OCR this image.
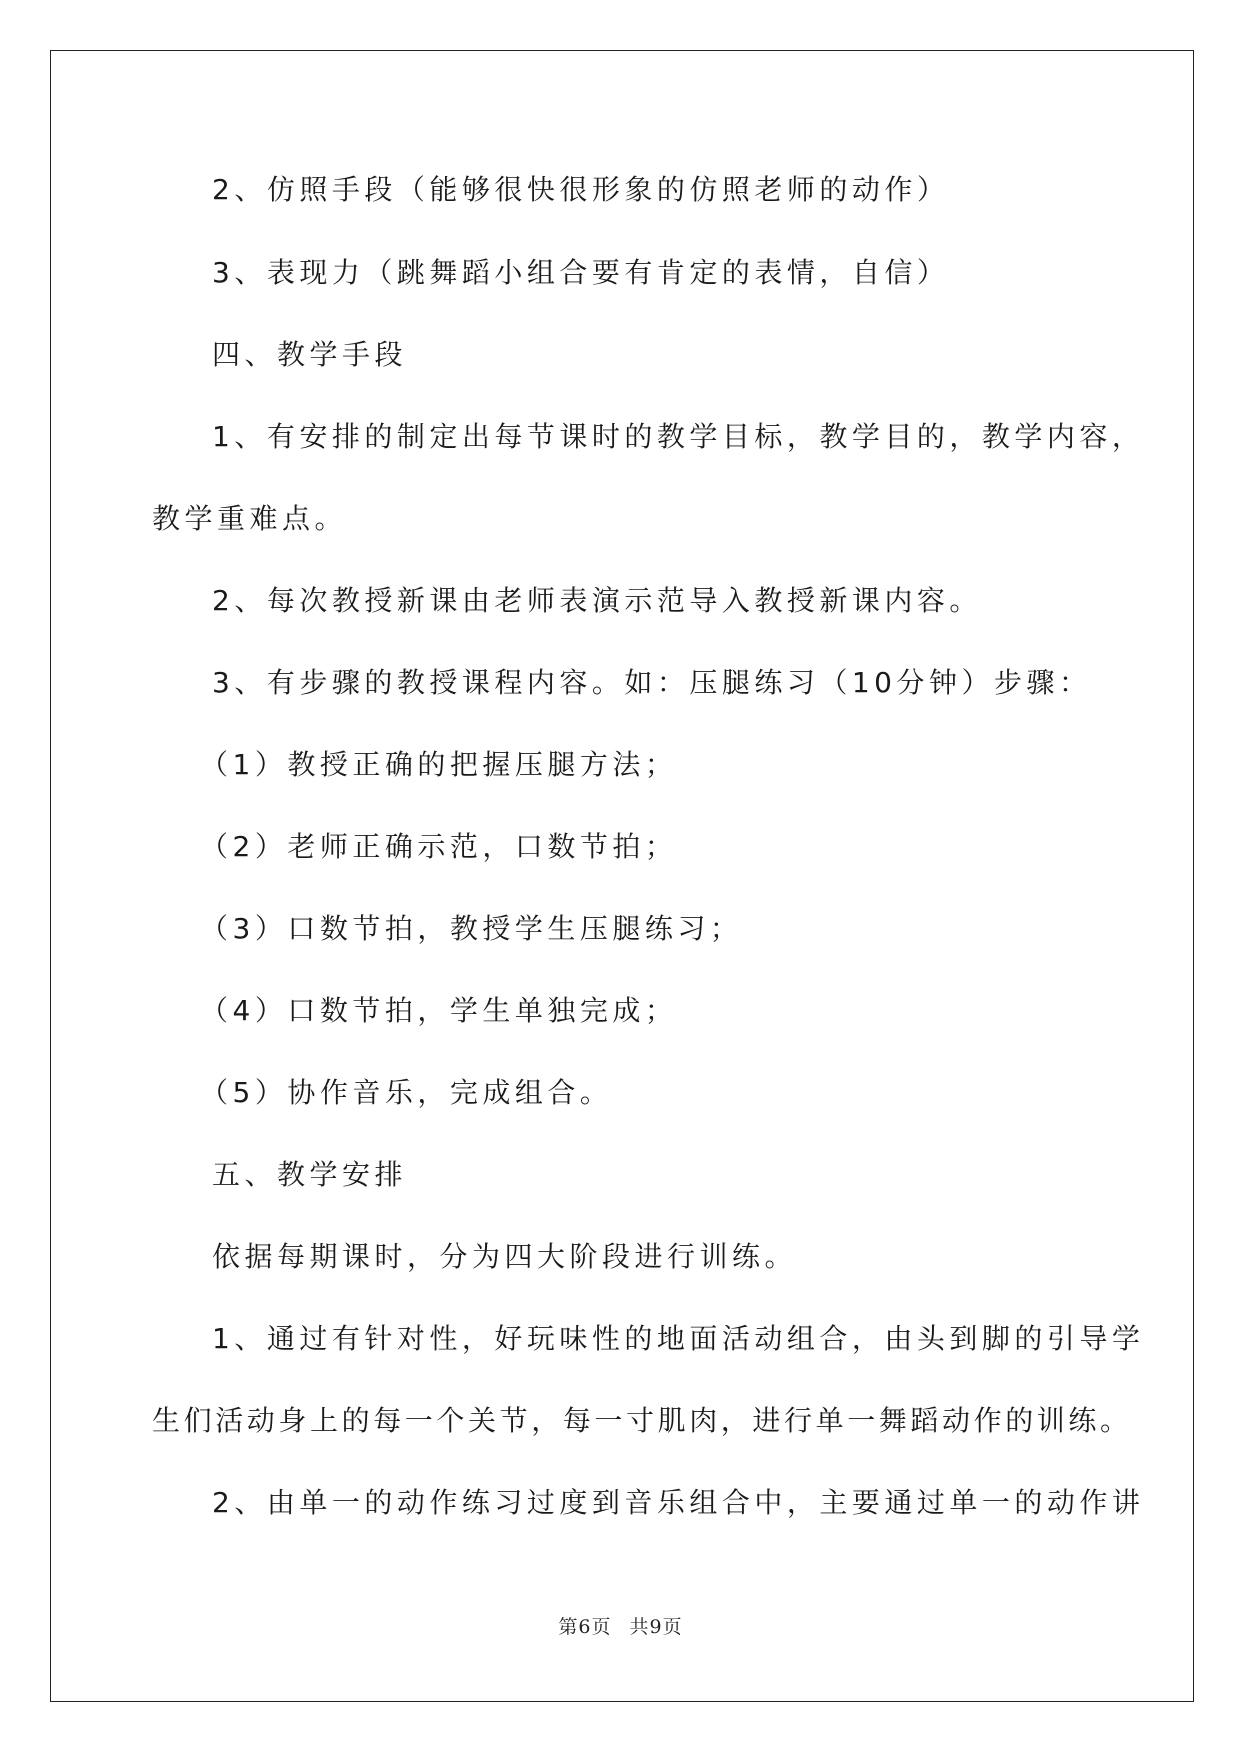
2、仿照手段（能够很快很形象的仿照老师的动作）
3、表现力（跳舞蹈小组合要有肯定的表情，自信）
四、教学手段
1、有安排的制定出每节课时的教学目标，教学目的，教学内容，
教学重难点。
2、每次教授新课由老师表演示范导入教授新课内容。
3、有步骤的教授课程内容。如：压腿练习（10分钟）步骤：
（1）教授正确的把握压腿方法；
（2）老师正确示范，口数节拍；
（3）口数节拍，教授学生压腿练习；
（4）口数节拍，学生单独完成；
（5）协作音乐，完成组合。
五、教学安排
依据每期课时，分为四大阶段进行训练。
1、通过有针对性，好玩味性的地面活动组合，由头到脚的引导学
生们活动身上的每一个关节，每一寸肌肉，进行单一舞蹈动作的训练。
2、由单一的动作练习过度到音乐组合中，主要通过单一的动作讲
第6页 共9页
